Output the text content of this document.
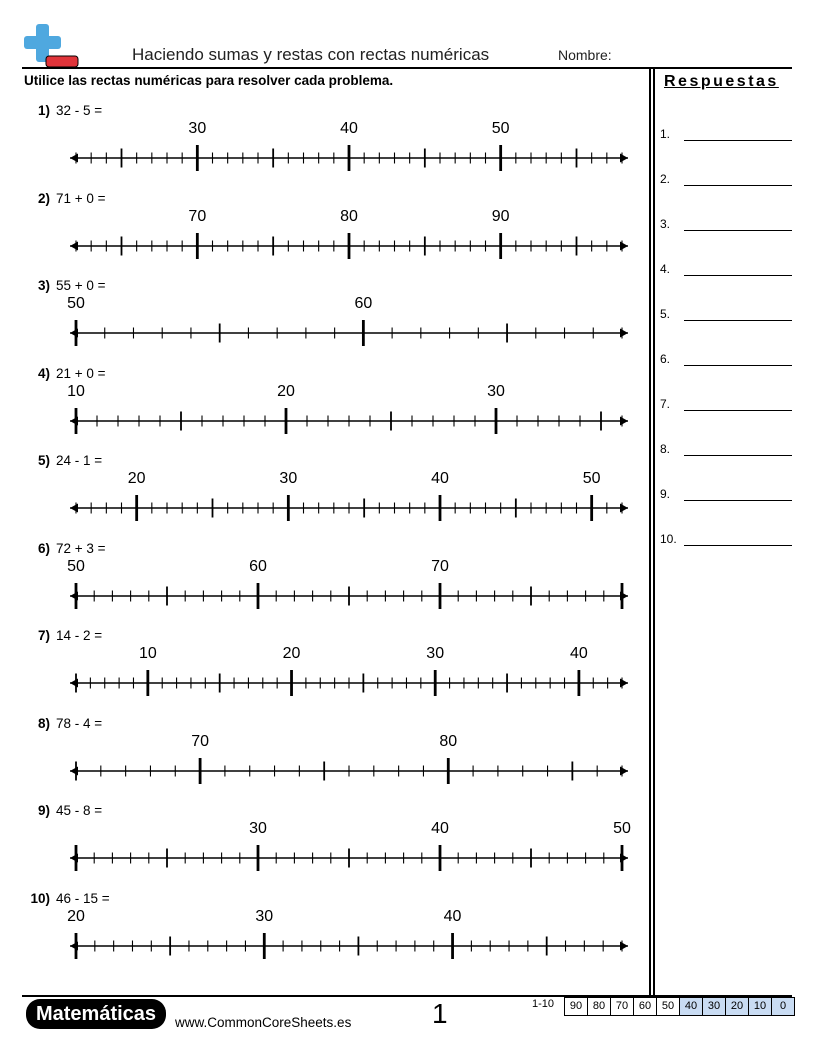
Haciendo sumas y restas con rectas numéricas	Nombre:
Utilice las rectas numéricas para resolver cada problema.	Respuestas
1.
2.
3.
4.
5.
6.
7.
8.
9.
10.
1) 32 - 5 =
30	40	50
2) 71 + 0 =
70	80	90
3) 55 + 0 =
50	60
4) 21 + 0 =
10	20	30
5) 24 - 1 =
20	30	40	50
6) 72 + 3 =
50	60	70
7) 14 - 2 =
10	20	30	40
8) 78 - 4 =
70	80
9) 45 - 8 =
30	40	50
10) 46 - 15 =
20	30	40
Matemáticas	www.CommonCoreSheets.es	1	1-10	90 80 70 60 50 40 30 20 10	0
